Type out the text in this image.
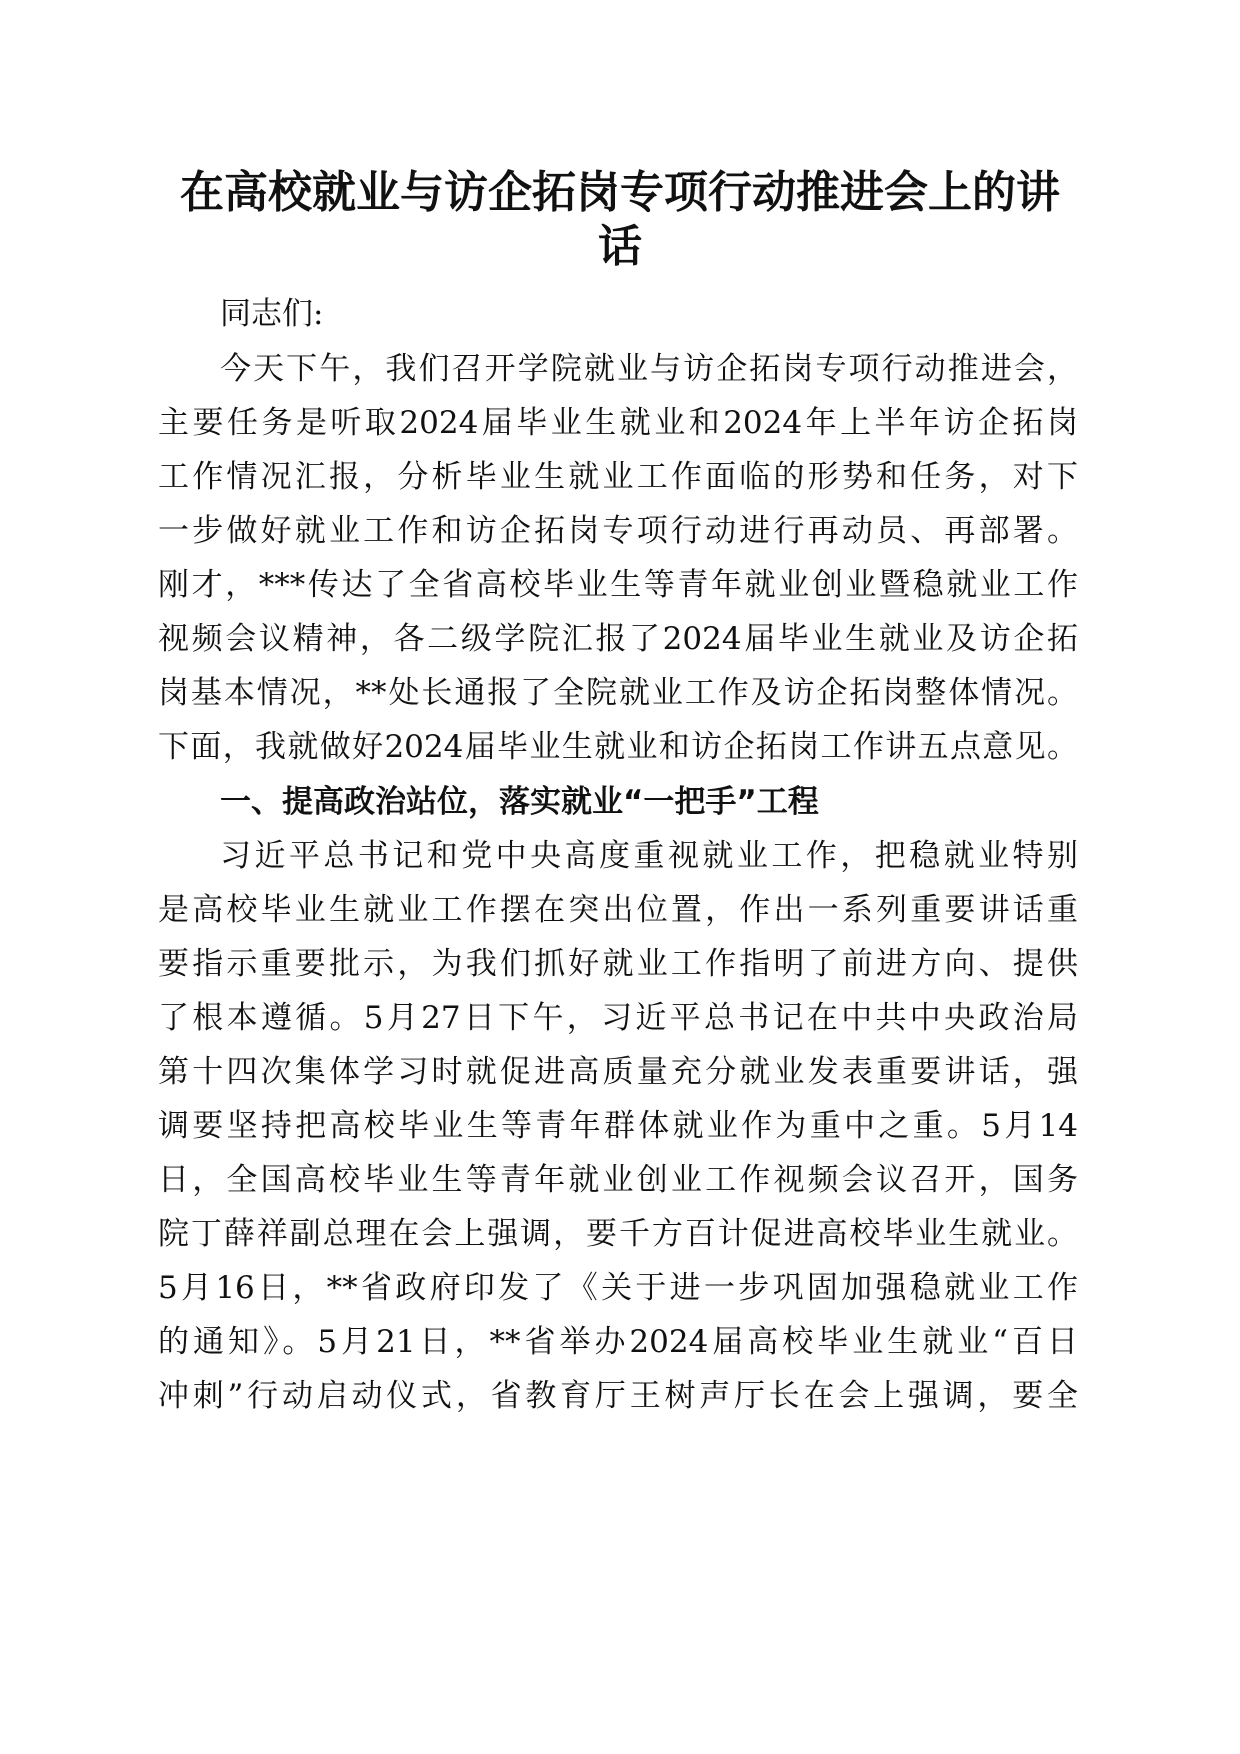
在高校就业与访企拓岗专项行动推进会上的讲
话

同志们:

今天下午，我们召开学院就业与访企拓岗专项行动推进会，

主要任务是听取2024届毕业生就业和2024年上半年访企拓岗

工作情况汇报，分析毕业生就业工作面临的形势和任务，对下

一步做好就业工作和访企拓岗专项行动进行再动员、再部署。

刚才，***传达了全省高校毕业生等青年就业创业暨稳就业工作

视频会议精神，各二级学院汇报了2024届毕业生就业及访企拓

岗基本情况，**处长通报了全院就业工作及访企拓岗整体情况。

下面，我就做好2024届毕业生就业和访企拓岗工作讲五点意见。

一、提高政治站位，落实就业“一把手”工程

习近平总书记和党中央高度重视就业工作，把稳就业特别

是高校毕业生就业工作摆在突出位置，作出一系列重要讲话重

要指示重要批示，为我们抓好就业工作指明了前进方向、提供

了根本遵循。5月27日下午，习近平总书记在中共中央政治局

第十四次集体学习时就促进高质量充分就业发表重要讲话，强

调要坚持把高校毕业生等青年群体就业作为重中之重。5月14

日，全国高校毕业生等青年就业创业工作视频会议召开，国务

院丁薛祥副总理在会上强调，要千方百计促进高校毕业生就业。

5月16日，**省政府印发了《关于进一步巩固加强稳就业工作

的通知》。5月21日，**省举办2024届高校毕业生就业“百日

冲刺”行动启动仪式，省教育厅王树声厅长在会上强调，要全
